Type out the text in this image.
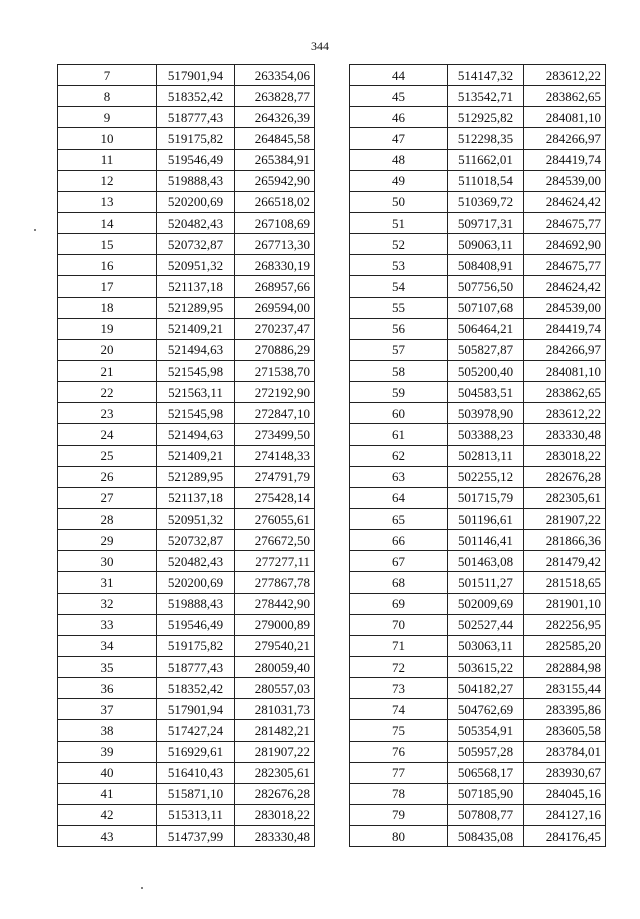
344
7	517901,94	263354,06
8	518352,42	263828,77
9	518777,43	264326,39
10	519175,82	264845,58
11	519546,49	265384,91
12	519888,43	265942,90
13	520200,69	266518,02
14	520482,43	267108,69
15	520732,87	267713,30
16	520951,32	268330,19
17	521137,18	268957,66
18	521289,95	269594,00
19	521409,21	270237,47
20	521494,63	270886,29
21	521545,98	271538,70
22	521563,11	272192,90
23	521545,98	272847,10
24	521494,63	273499,50
25	521409,21	274148,33
26	521289,95	274791,79
27	521137,18	275428,14
28	520951,32	276055,61
29	520732,87	276672,50
30	520482,43	277277,11
31	520200,69	277867,78
32	519888,43	278442,90
33	519546,49	279000,89
34	519175,82	279540,21
35	518777,43	280059,40
36	518352,42	280557,03
37	517901,94	281031,73
38	517427,24	281482,21
39	516929,61	281907,22
40	516410,43	282305,61
41	515871,10	282676,28
42	515313,11	283018,22
43	514737,99	283330,48
44	514147,32	283612,22
45	513542,71	283862,65
46	512925,82	284081,10
47	512298,35	284266,97
48	511662,01	284419,74
49	511018,54	284539,00
50	510369,72	284624,42
51	509717,31	284675,77
52	509063,11	284692,90
53	508408,91	284675,77
54	507756,50	284624,42
55	507107,68	284539,00
56	506464,21	284419,74
57	505827,87	284266,97
58	505200,40	284081,10
59	504583,51	283862,65
60	503978,90	283612,22
61	503388,23	283330,48
62	502813,11	283018,22
63	502255,12	282676,28
64	501715,79	282305,61
65	501196,61	281907,22
66	501146,41	281866,36
67	501463,08	281479,42
68	501511,27	281518,65
69	502009,69	281901,10
70	502527,44	282256,95
71	503063,11	282585,20
72	503615,22	282884,98
73	504182,27	283155,44
74	504762,69	283395,86
75	505354,91	283605,58
76	505957,28	283784,01
77	506568,17	283930,67
78	507185,90	284045,16
79	507808,77	284127,16
80	508435,08	284176,45
